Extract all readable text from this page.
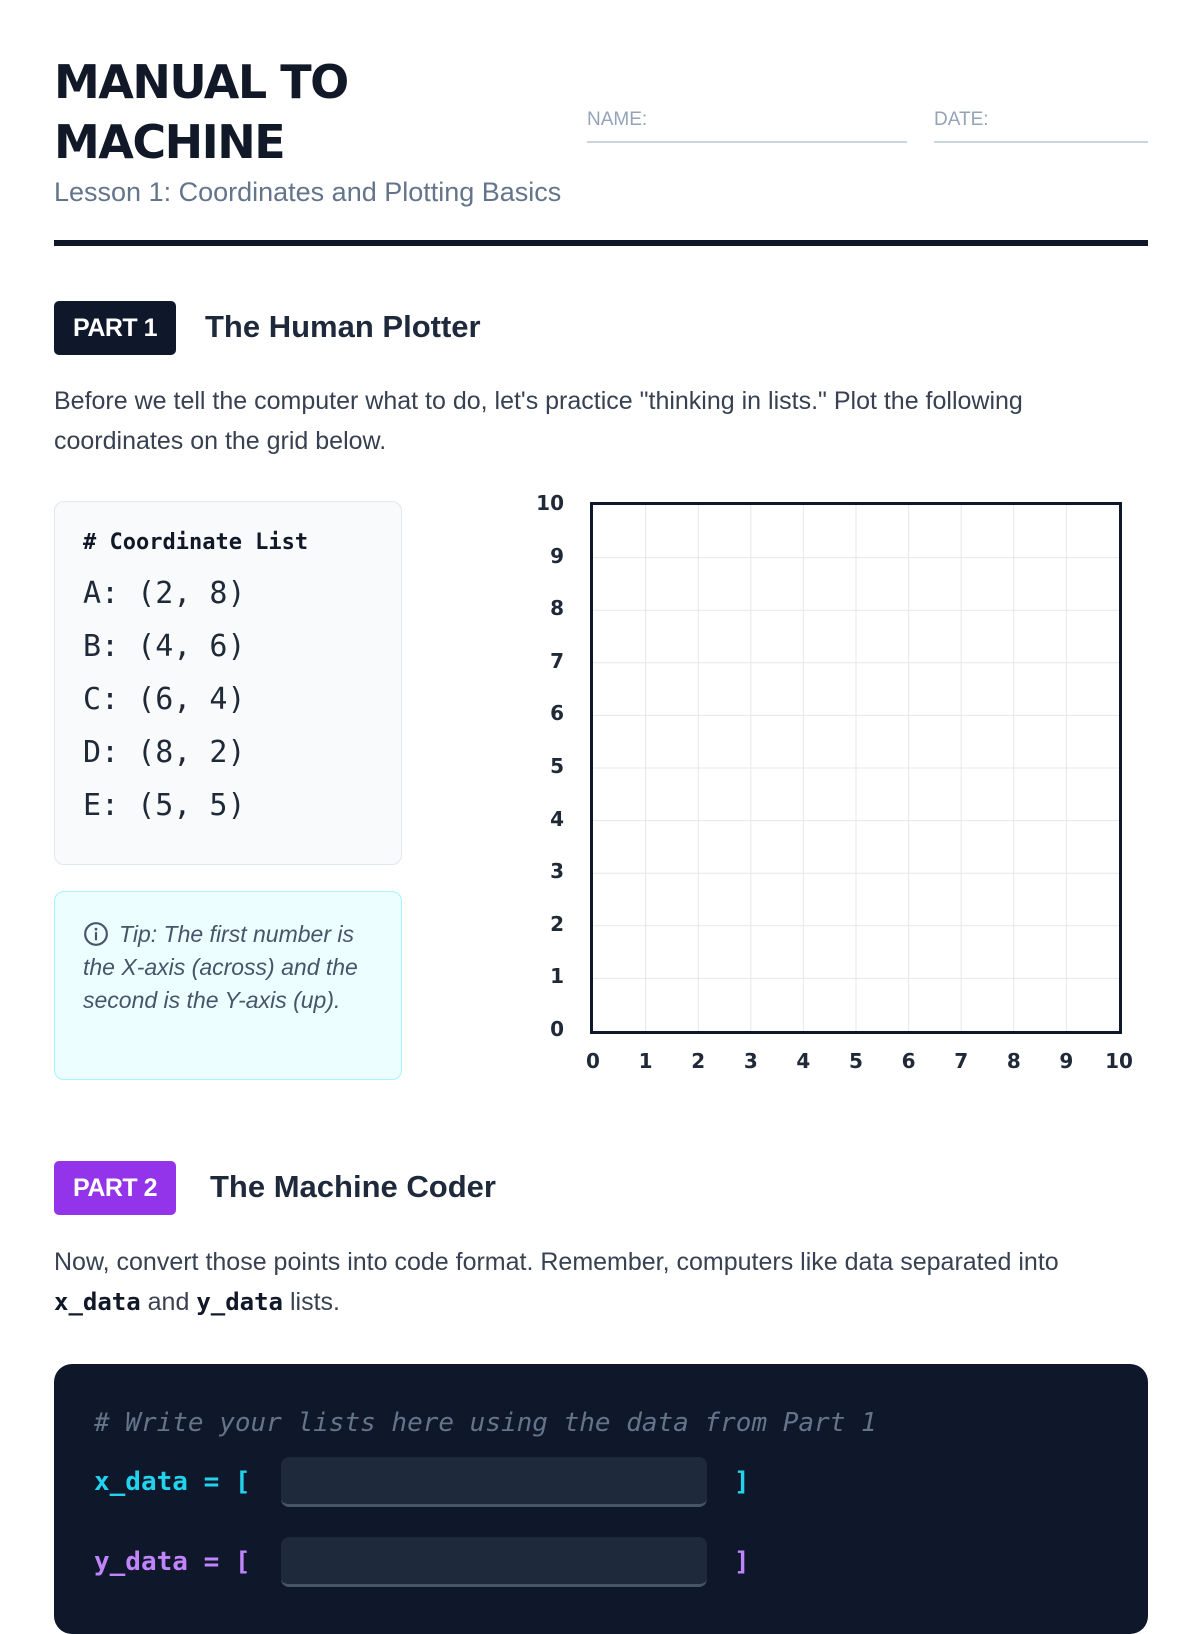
MANUAL TO
MACHINE

Lesson 1: Coordinates and Plotting Basics

NAME:	DATE:
PART 1	The Human Plotter

Before we tell the computer what to do, let's practice "thinking in lists." Plot the following coordinates on the grid below.

# Coordinate List
A: (2, 8)
B: (4, 6)
C: (6, 4)
D: (8, 2)
E: (5, 5)
Tip: The first number is the X-axis (across) and the second is the Y-axis (up).
0
1
2
3
4
5
6
7
8
9
10
0	1	2	3	4	5	6	7	8	9	10
PART 2	The Machine Coder

Now, convert those points into code format. Remember, computers like data separated into x_data and y_data lists.

# Write your lists here using the data from Part 1
x_data = [	]
y_data = [	]
